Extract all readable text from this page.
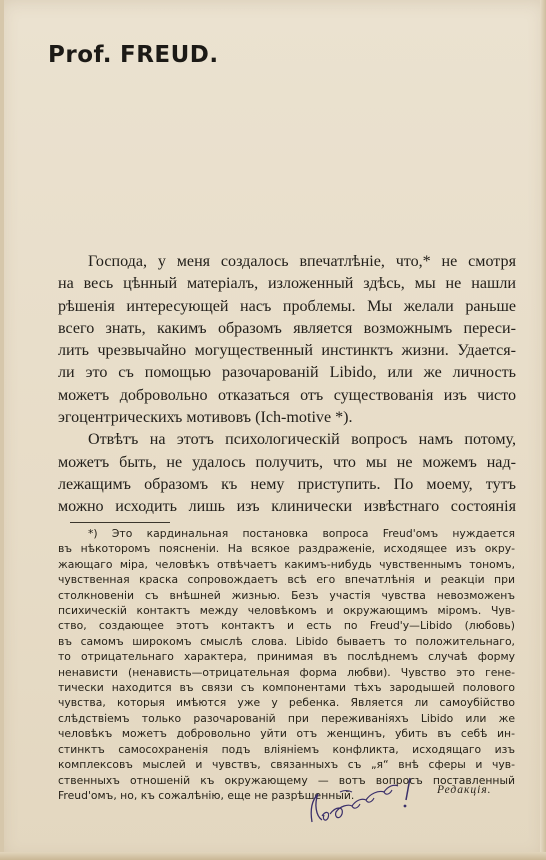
Prof. FREUD.
Господа, у меня создалось впечатлѣніе, что,* не смотря
на весь цѣнный матеріалъ, изложенный здѣсь, мы не нашли
рѣшенія интересующей насъ проблемы. Мы желали раньше
всего знать, какимъ образомъ является возможнымъ переси-
лить чрезвычайно могущественный инстинктъ жизни. Удается-
ли это съ помощью разочарованій Libido, или же личность
можетъ добровольно отказаться отъ существованія изъ чисто
эгоцентрическихъ мотивовъ (Ich-motive *).
Отвѣтъ на этотъ психологическій вопросъ намъ потому,
можетъ быть, не удалось получить, что мы не можемъ над-
лежащимъ образомъ къ нему приступить. По моему, тутъ
можно исходить лишь изъ клинически извѣстнаго состоянія
*) Это кардинальная постановка вопроса Freud'омъ нуждается
въ нѣкоторомъ поясненіи. На всякое раздраженіе, исходящее изъ окру-
жающаго міра, человѣкъ отвѣчаетъ какимъ-нибудь чувственнымъ тономъ,
чувственная краска сопровождаетъ всѣ его впечатлѣнія и реакціи при
столкновеніи съ внѣшней жизнью. Безъ участія чувства невозможенъ
психическій контактъ между человѣкомъ и окружающимъ міромъ. Чув-
ство, создающее этотъ контактъ и есть по Freud'у—Libido (любовь)
въ самомъ широкомъ смыслѣ слова. Libido бываетъ то положительнаго,
то отрицательнаго характера, принимая въ послѣднемъ случаѣ форму
ненависти (ненависть—отрицательная форма любви). Чувство это гене-
тически находится въ связи съ компонентами тѣхъ зародышей полового
чувства, которыя имѣются уже у ребенка. Является ли самоубійство
слѣдствіемъ только разочарованій при переживаніяхъ Libido или же
человѣкъ можетъ добровольно уйти отъ женщинъ, убить въ себѣ ин-
стинктъ самосохраненія подъ вліяніемъ конфликта, исходящаго изъ
комплексовъ мыслей и чувствъ, связанныхъ съ „я“ внѣ сферы и чув-
ственныхъ отношеній къ окружающему — вотъ вопросъ поставленный
Freud'омъ, но, къ сожалѣнію, еще не разрѣшенный.	Редакція.
